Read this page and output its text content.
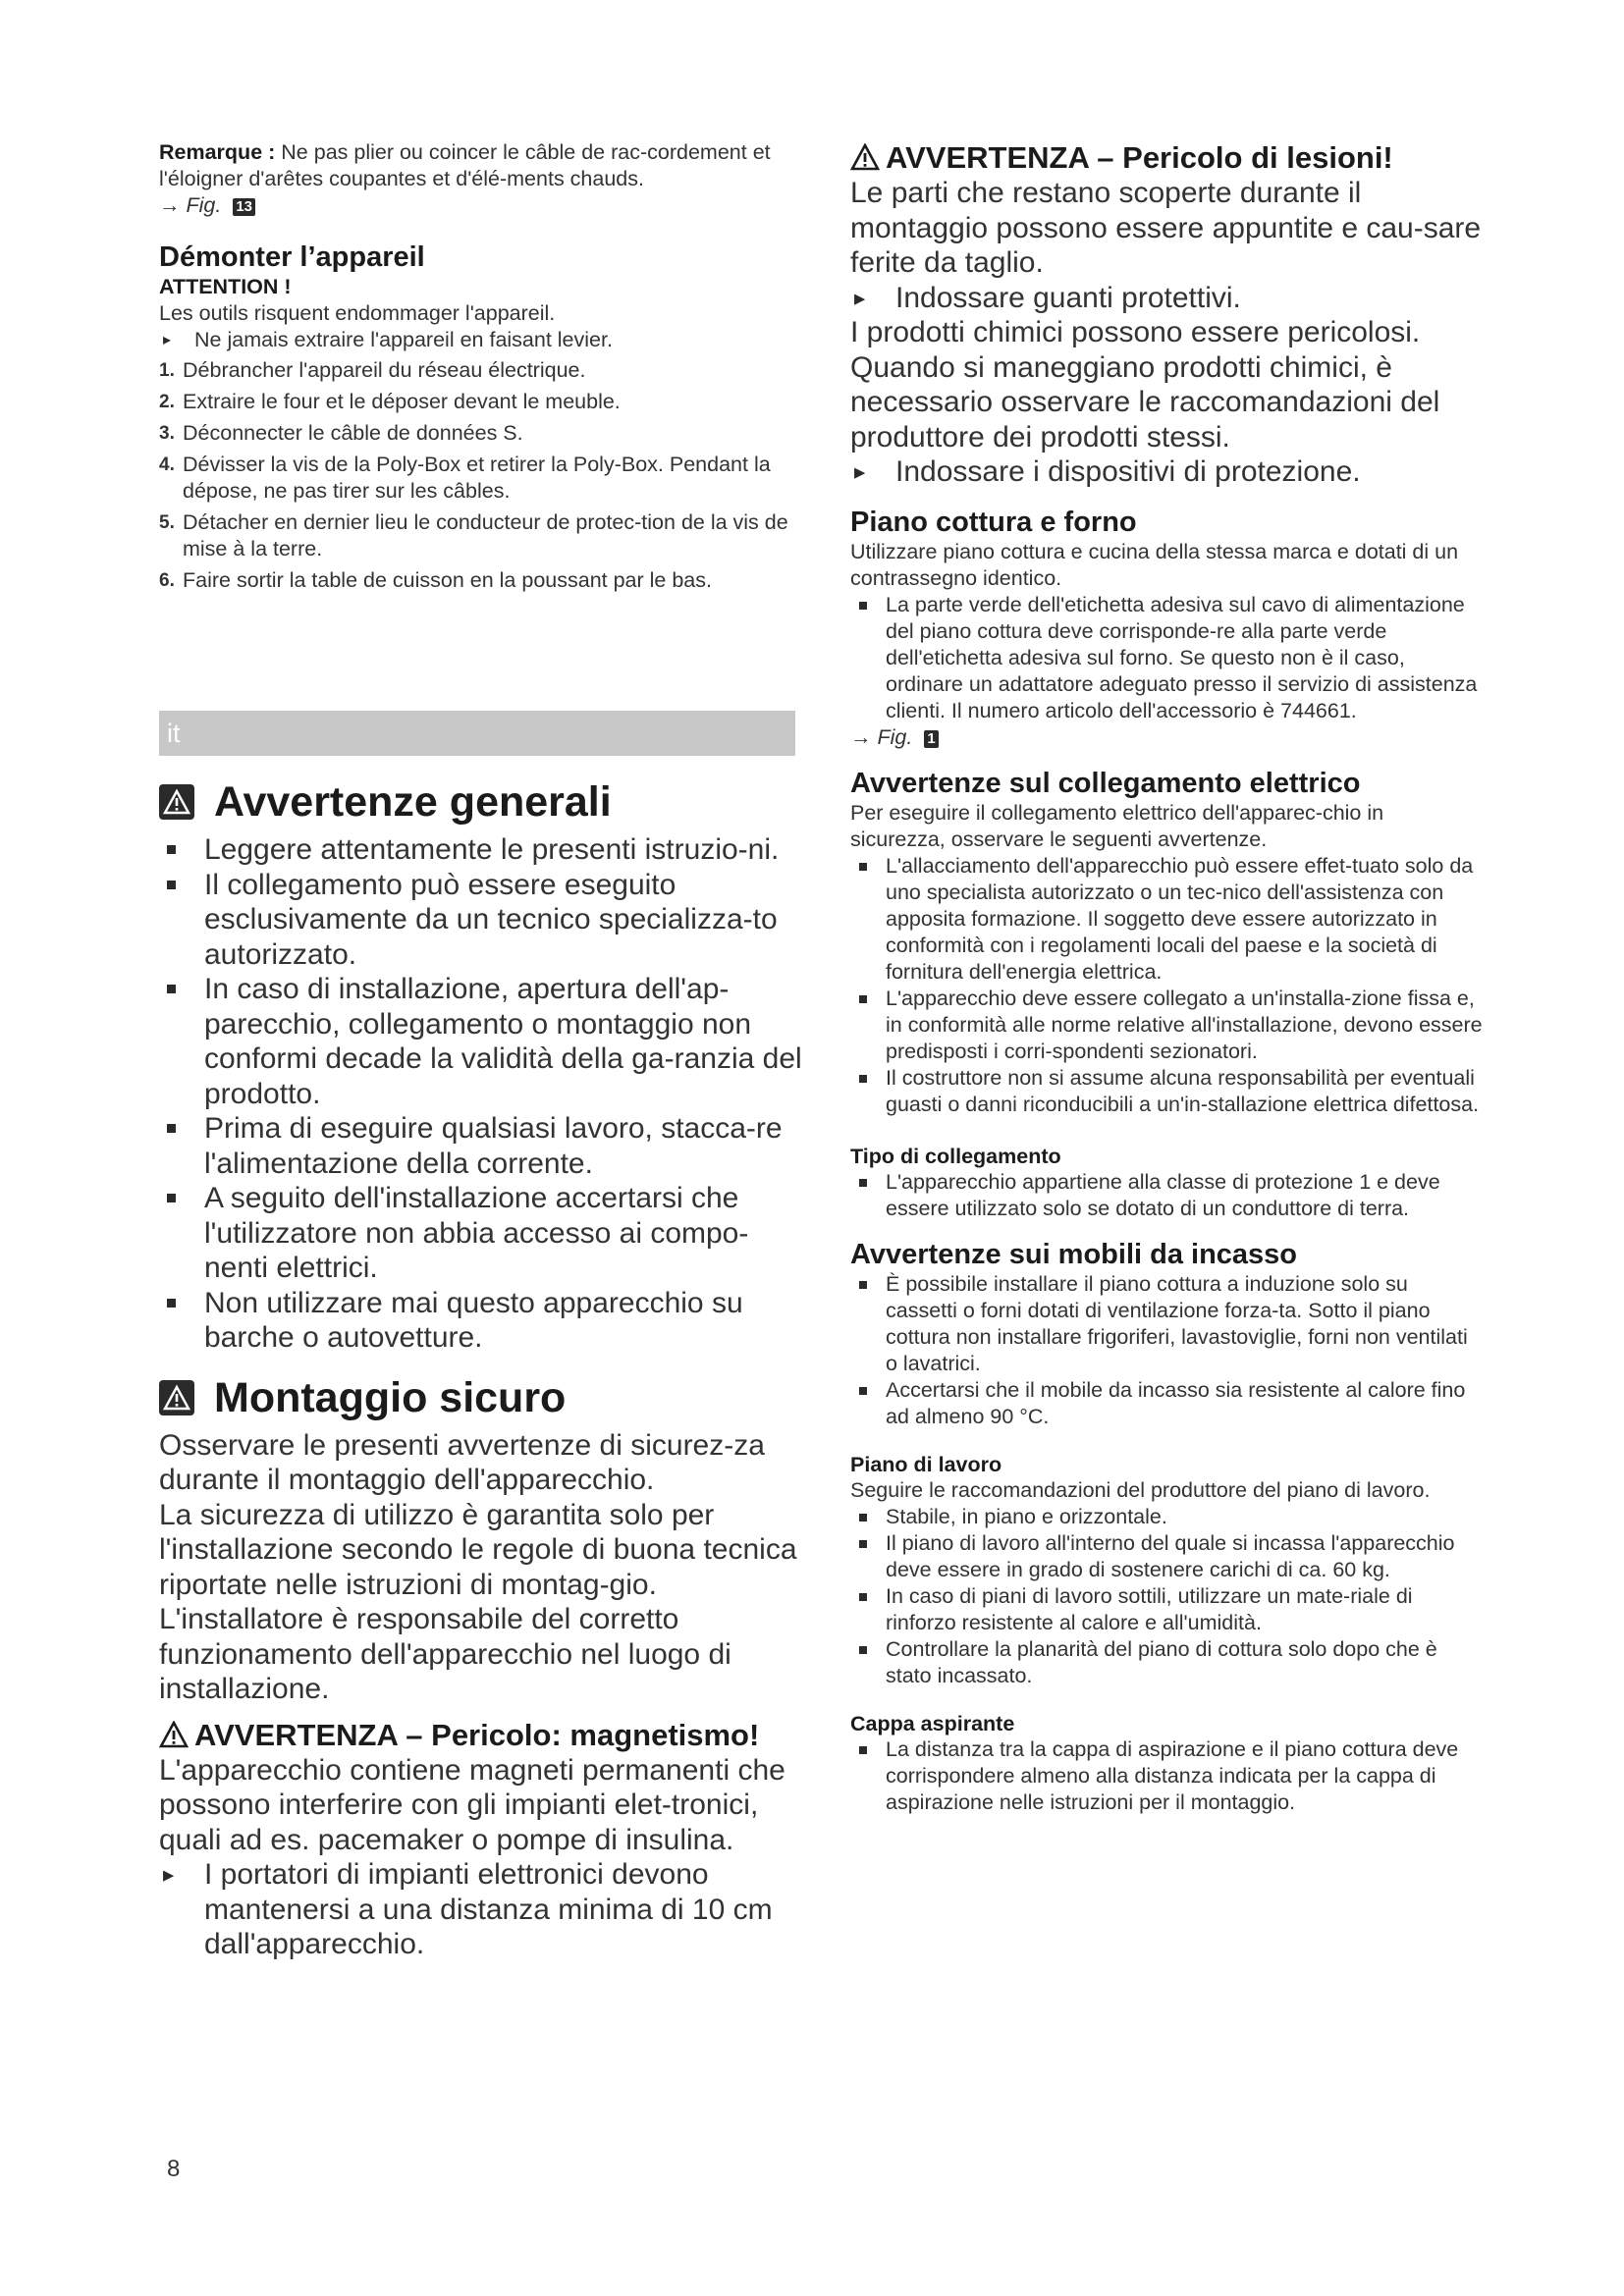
Remarque : Ne pas plier ou coincer le câble de rac-cordement et l'éloigner d'arêtes coupantes et d'élé-ments chauds.

→ Fig. 13

Démonter l’appareil
ATTENTION !

Les outils risquent endommager l'appareil.

▸ Ne jamais extraire l'appareil en faisant levier.
1. Débrancher l'appareil du réseau électrique.
2. Extraire le four et le déposer devant le meuble.
3. Déconnecter le câble de données S.
4. Dévisser la vis de la Poly-Box et retirer la Poly-Box. Pendant la dépose, ne pas tirer sur les câbles.
5. Détacher en dernier lieu le conducteur de protec-tion de la vis de mise à la terre.
6. Faire sortir la table de cuisson en la poussant par le bas.
it
Avvertenze generali
Leggere attentamente le presenti istruzio-ni.
Il collegamento può essere eseguito esclusivamente da un tecnico specializza-to autorizzato.
In caso di installazione, apertura dell'ap-parecchio, collegamento o montaggio non conformi decade la validità della ga-ranzia del prodotto.
Prima di eseguire qualsiasi lavoro, stacca-re l'alimentazione della corrente.
A seguito dell'installazione accertarsi che l'utilizzatore non abbia accesso ai compo-nenti elettrici.
Non utilizzare mai questo apparecchio su barche o autovetture.
Montaggio sicuro

Osservare le presenti avvertenze di sicurez-za durante il montaggio dell'apparecchio.

La sicurezza di utilizzo è garantita solo per l'installazione secondo le regole di buona tecnica riportate nelle istruzioni di montag-gio. L'installatore è responsabile del corretto funzionamento dell'apparecchio nel luogo di installazione.

AVVERTENZA – Pericolo: magnetismo!

L'apparecchio contiene magneti permanenti che possono interferire con gli impianti elet-tronici, quali ad es. pacemaker o pompe di insulina.

▸ I portatori di impianti elettronici devono mantenersi a una distanza minima di 10 cm dall'apparecchio.
8
AVVERTENZA – Pericolo di lesioni!

Le parti che restano scoperte durante il montaggio possono essere appuntite e cau-sare ferite da taglio.

▸ Indossare guanti protettivi.

I prodotti chimici possono essere pericolosi. Quando si maneggiano prodotti chimici, è necessario osservare le raccomandazioni del produttore dei prodotti stessi.

▸ Indossare i dispositivi di protezione.
Piano cottura e forno

Utilizzare piano cottura e cucina della stessa marca e dotati di un contrassegno identico.

La parte verde dell'etichetta adesiva sul cavo di alimentazione del piano cottura deve corrisponde-re alla parte verde dell'etichetta adesiva sul forno. Se questo non è il caso, ordinare un adattatore adeguato presso il servizio di assistenza clienti. Il numero articolo dell'accessorio è 744661.

→ Fig. 1

Avvertenze sul collegamento elettrico

Per eseguire il collegamento elettrico dell'apparec-chio in sicurezza, osservare le seguenti avvertenze.

L'allacciamento dell'apparecchio può essere effet-tuato solo da uno specialista autorizzato o un tec-nico dell'assistenza con apposita formazione. Il soggetto deve essere autorizzato in conformità con i regolamenti locali del paese e la società di fornitura dell'energia elettrica.
L'apparecchio deve essere collegato a un'installa-zione fissa e, in conformità alle norme relative all'installazione, devono essere predisposti i corri-spondenti sezionatori.
Il costruttore non si assume alcuna responsabilità per eventuali guasti o danni riconducibili a un'in-stallazione elettrica difettosa.
Tipo di collegamento
L'apparecchio appartiene alla classe di protezione 1 e deve essere utilizzato solo se dotato di un conduttore di terra.
Avvertenze sui mobili da incasso
È possibile installare il piano cottura a induzione solo su cassetti o forni dotati di ventilazione forza-ta. Sotto il piano cottura non installare frigoriferi, lavastoviglie, forni non ventilati o lavatrici.
Accertarsi che il mobile da incasso sia resistente al calore fino ad almeno 90 °C.
Piano di lavoro

Seguire le raccomandazioni del produttore del piano di lavoro.

Stabile, in piano e orizzontale.
Il piano di lavoro all'interno del quale si incassa l'apparecchio deve essere in grado di sostenere carichi di ca. 60 kg.
In caso di piani di lavoro sottili, utilizzare un mate-riale di rinforzo resistente al calore e all'umidità.
Controllare la planarità del piano di cottura solo dopo che è stato incassato.
Cappa aspirante
La distanza tra la cappa di aspirazione e il piano cottura deve corrispondere almeno alla distanza indicata per la cappa di aspirazione nelle istruzioni per il montaggio.
